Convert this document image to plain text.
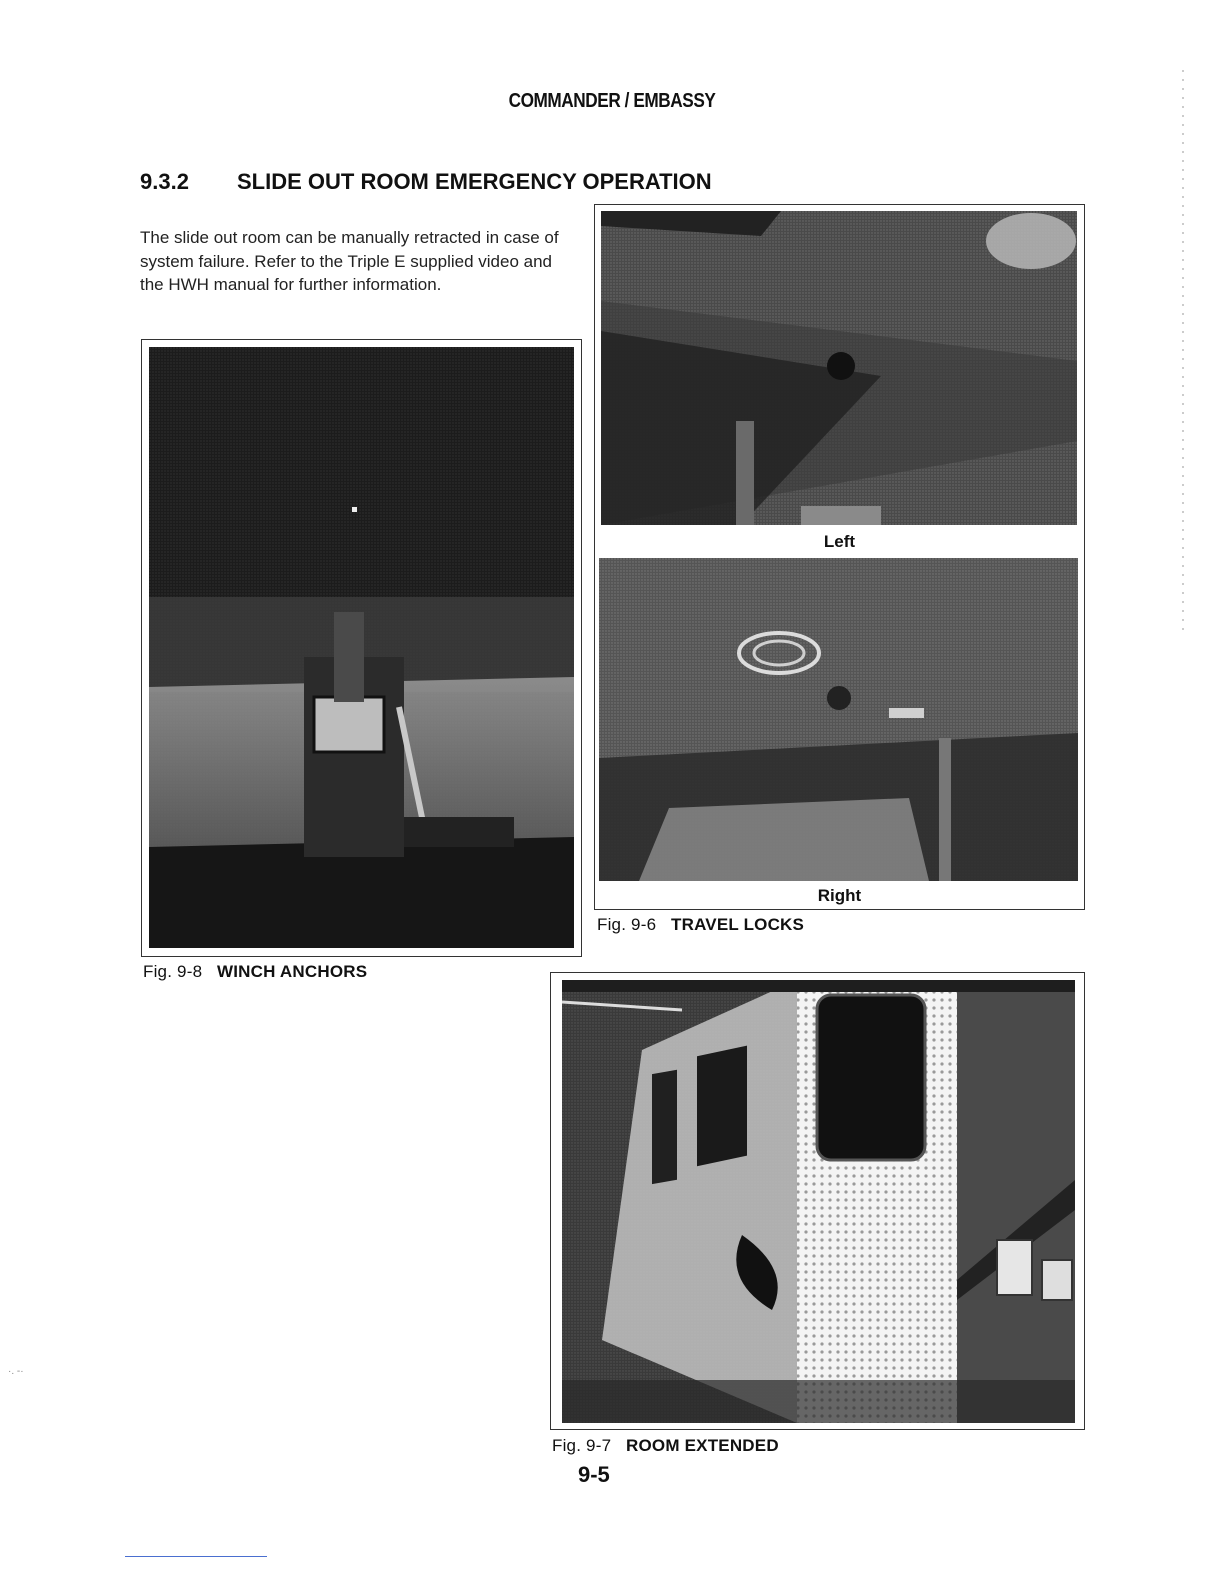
COMMANDER / EMBASSY
9.3.2 SLIDE OUT ROOM EMERGENCY OPERATION
The slide out room can be manually retracted in case of system failure. Refer to the Triple E supplied video and the HWH manual for further information.
Fig. 9-8 WINCH ANCHORS
Left
Right
Fig. 9-6 TRAVEL LOCKS
Fig. 9-7 ROOM EXTENDED
9-5
·. -·
